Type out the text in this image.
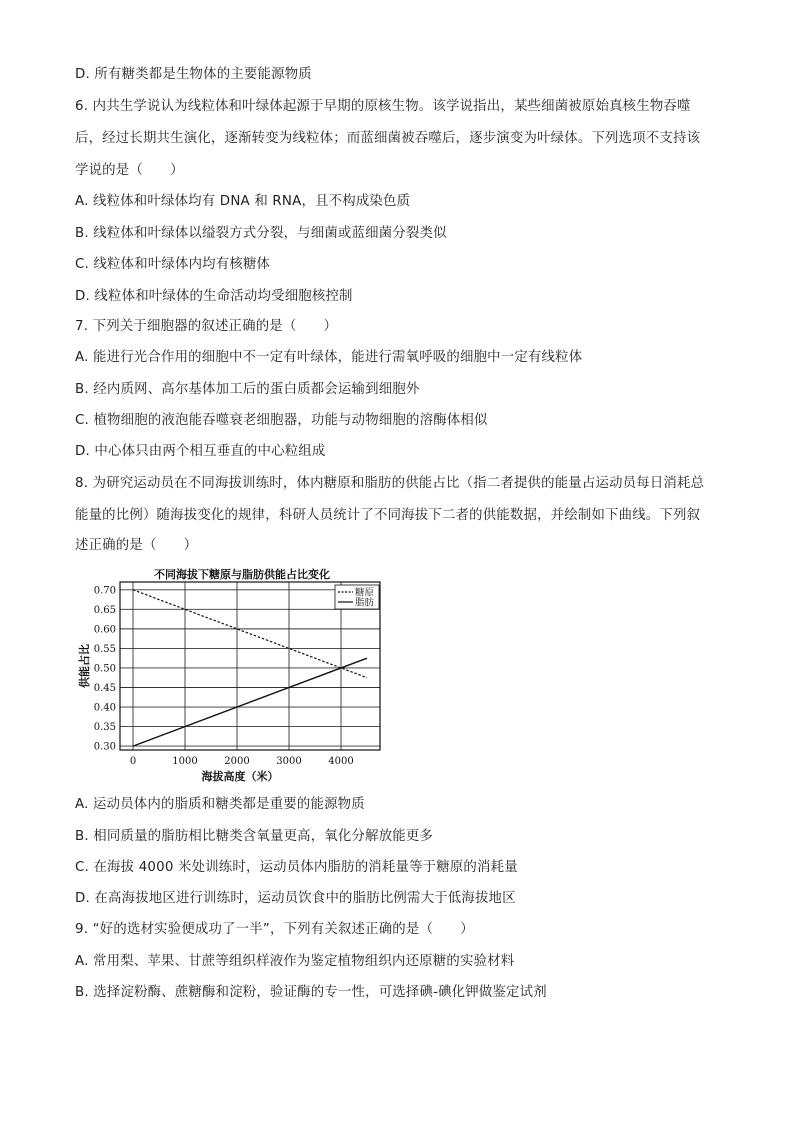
D. 所有糖类都是生物体的主要能源物质
6. 内共生学说认为线粒体和叶绿体起源于早期的原核生物。该学说指出，某些细菌被原始真核生物吞噬
后，经过长期共生演化，逐渐转变为线粒体；而蓝细菌被吞噬后，逐步演变为叶绿体。下列选项不支持该
学说的是（　　）
A. 线粒体和叶绿体均有 DNA 和 RNA，且不构成染色质
B. 线粒体和叶绿体以缢裂方式分裂，与细菌或蓝细菌分裂类似
C. 线粒体和叶绿体内均有核糖体
D. 线粒体和叶绿体的生命活动均受细胞核控制
7. 下列关于细胞器的叙述正确的是（　　）
A. 能进行光合作用的细胞中不一定有叶绿体，能进行需氧呼吸的细胞中一定有线粒体
B. 经内质网、高尔基体加工后的蛋白质都会运输到细胞外
C. 植物细胞的液泡能吞噬衰老细胞器，功能与动物细胞的溶酶体相似
D. 中心体只由两个相互垂直的中心粒组成
8. 为研究运动员在不同海拔训练时，体内糖原和脂肪的供能占比（指二者提供的能量占运动员每日消耗总
能量的比例）随海拔变化的规律，科研人员统计了不同海拔下二者的供能数据，并绘制如下曲线。下列叙
述正确的是（　　）
不同海拔下糖原与脂肪供能占比变化
0	1000	2000	3000	4000
0.30
0.35
0.40
0.45
0.50
0.55
0.60
0.65
0.70
海拔高度（米）
供能占比
糖原
脂肪
A. 运动员体内的脂质和糖类都是重要的能源物质
B. 相同质量的脂肪相比糖类含氧量更高，氧化分解放能更多
C. 在海拔 4000 米处训练时，运动员体内脂肪的消耗量等于糖原的消耗量
D. 在高海拔地区进行训练时，运动员饮食中的脂肪比例需大于低海拔地区
9. “好的选材实验便成功了一半”，下列有关叙述正确的是（　　）
A. 常用梨、苹果、甘蔗等组织样液作为鉴定植物组织内还原糖的实验材料
B. 选择淀粉酶、蔗糖酶和淀粉，验证酶的专一性，可选择碘-碘化钾做鉴定试剂
